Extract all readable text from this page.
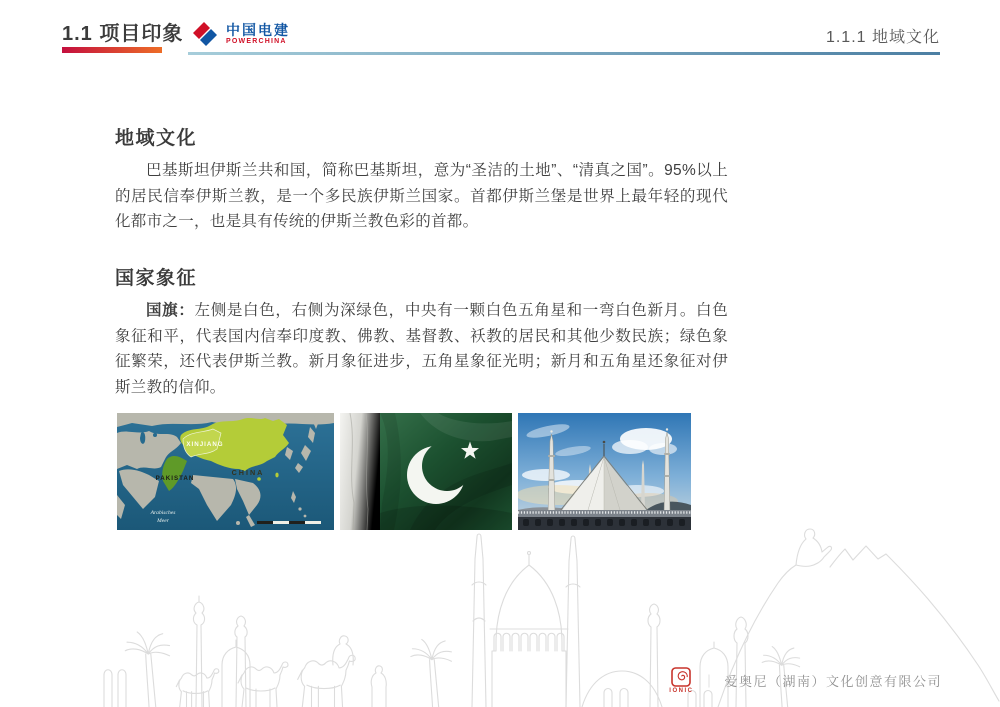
1.1 项目印象	中国电建
POWERCHINA	1.1.1 地域文化
地域文化

巴基斯坦伊斯兰共和国，简称巴基斯坦，意为“圣洁的土地”、“清真之国”。95%以上的居民信奉伊斯兰教，是一个多民族伊斯兰国家。首都伊斯兰堡是世界上最年轻的现代化都市之一，也是具有传统的伊斯兰教色彩的首都。

国家象征

国旗：左侧是白色，右侧为深绿色，中央有一颗白色五角星和一弯白色新月。白色象征和平，代表国内信奉印度教、佛教、基督教、袄教的居民和其他少数民族；绿色象征繁荣，还代表伊斯兰教。新月象征进步，五角星象征光明；新月和五角星还象征对伊斯兰教的信仰。

XINJIANG
CHINA
PAKISTAN
Arabisches
Meer
IONIC
｜ 爱奥尼（湖南）文化创意有限公司
